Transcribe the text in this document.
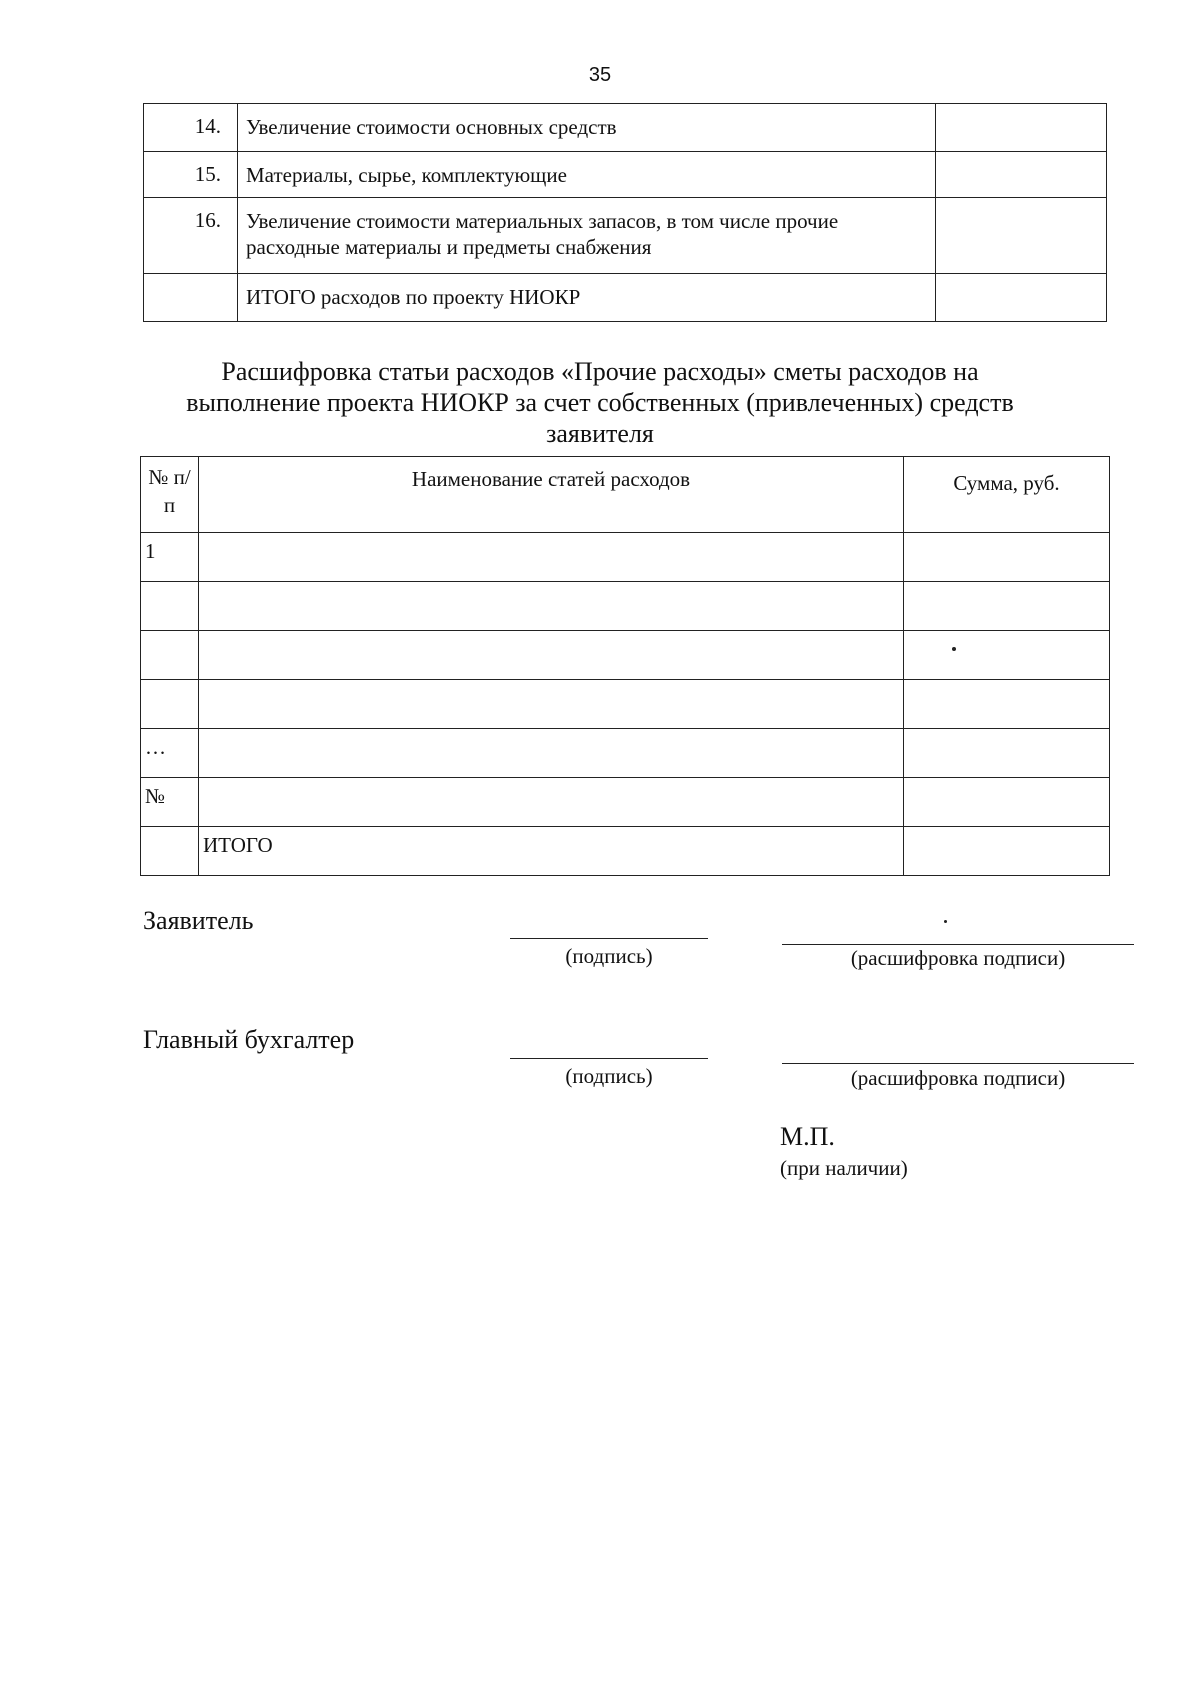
35
14.	Увеличение стоимости основных средств	
15.	Материалы, сырье, комплектующие	
16.	Увеличение стоимости материальных запасов, в том числе прочие расходные материалы и предметы снабжения	
	ИТОГО расходов по проекту НИОКР	
Расшифровка статьи расходов «Прочие расходы» сметы расходов на выполнение проекта НИОКР за счет собственных (привлеченных) средств заявителя
№ п/п	Наименование статей расходов	Сумма, руб.
1		

…		
№		
	ИТОГО	
Заявитель
(подпись)	(расшифровка подписи)
Главный бухгалтер
(подпись)	(расшифровка подписи)
М.П.
(при наличии)
